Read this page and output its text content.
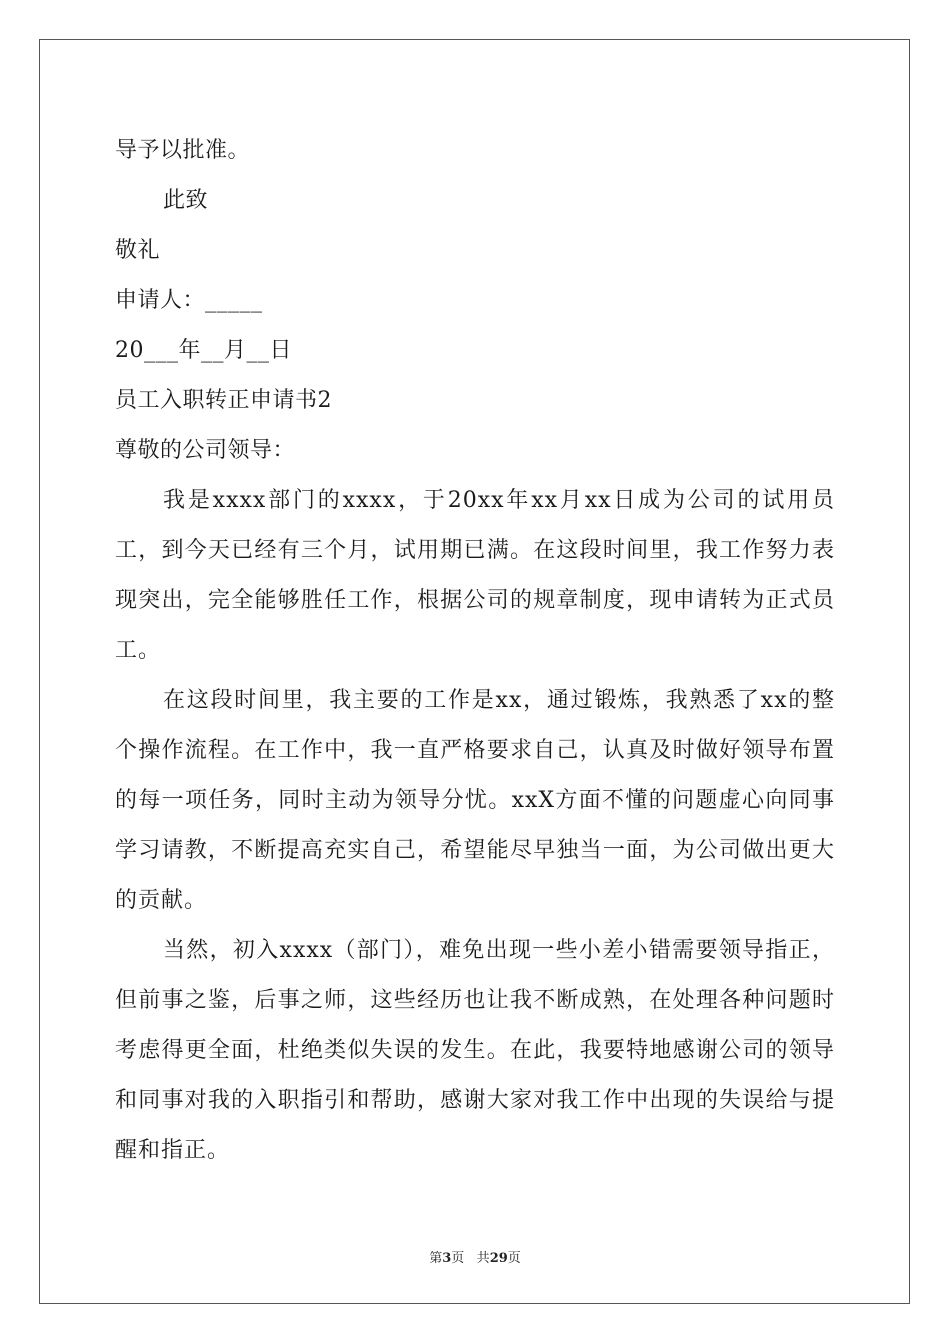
导予以批准。
此致
敬礼
申请人：_____
20___年__月__日
员工入职转正申请书2
尊敬的公司领导：

我是xxxx部门的xxxx，于20xx年xx月xx日成为公司的试用员工，到今天已经有三个月，试用期已满。在这段时间里，我工作努力表现突出，完全能够胜任工作，根据公司的规章制度，现申请转为正式员工。

在这段时间里，我主要的工作是xx，通过锻炼，我熟悉了xx的整个操作流程。在工作中，我一直严格要求自己，认真及时做好领导布置的每一项任务，同时主动为领导分忧。xxX方面不懂的问题虚心向同事学习请教，不断提高充实自己，希望能尽早独当一面，为公司做出更大的贡献。

当然，初入xxxx（部门），难免出现一些小差小错需要领导指正，但前事之鉴，后事之师，这些经历也让我不断成熟，在处理各种问题时考虑得更全面，杜绝类似失误的发生。在此，我要特地感谢公司的领导和同事对我的入职指引和帮助，感谢大家对我工作中出现的失误给与提醒和指正。

第3页 共29页
